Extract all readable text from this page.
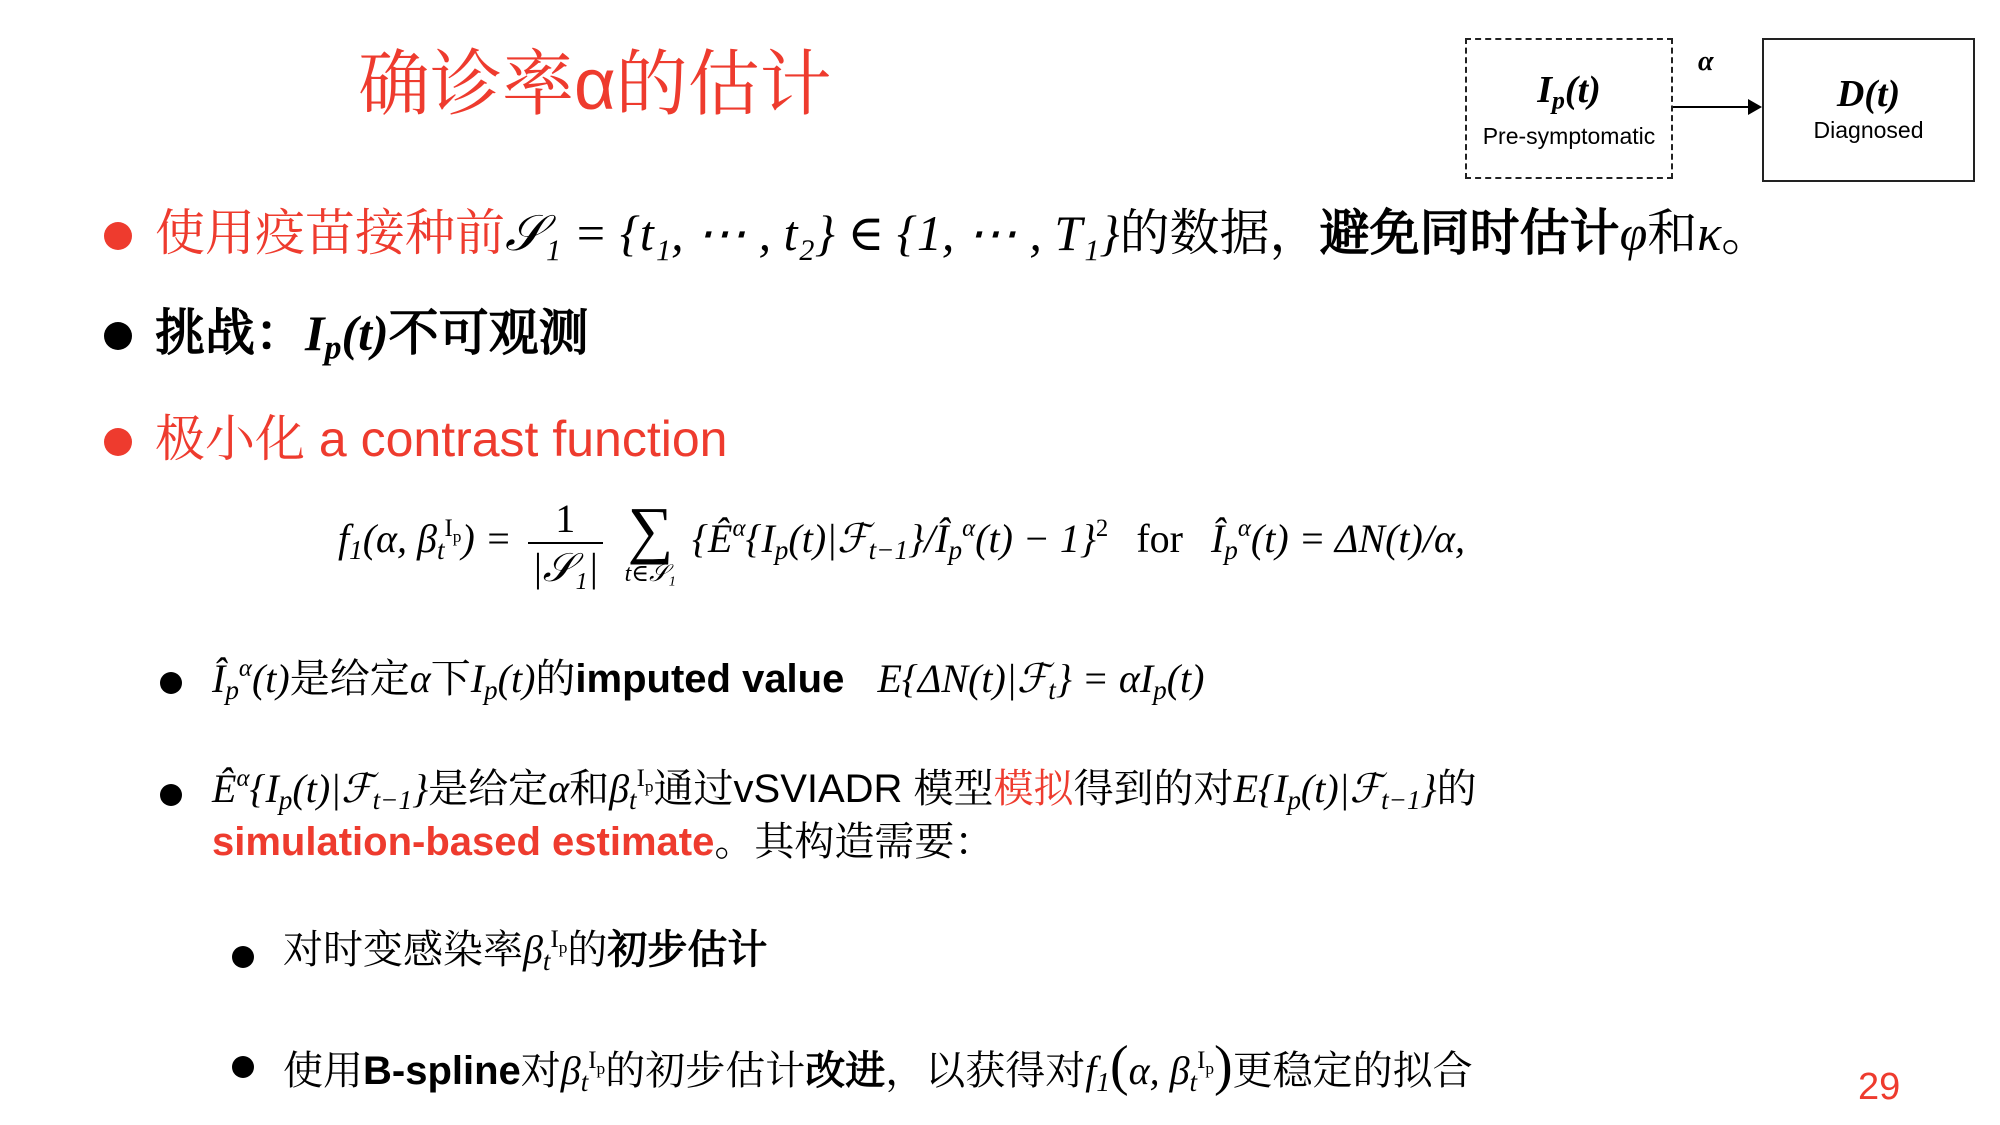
确诊率α的估计	$I_p(t)$
Pre-symptomatic
α
D(t)
Diagnosed
使用疫苗接种前𝒮₁ = {t₁, ⋯ , t₂} ∈ {1, ⋯ , T₁}的数据，避免同时估计φ和κ。
挑战：$I_p(t)$不可观测
极小化 a contrast function
$f_1(\alpha$, $\beta_t^{I_p}) = \frac{1}{\text{|𝒮₁|}}$
∑
t∈𝒮₁
$\{Ê^\alpha\{I_p(t)|ℱ_{t-1}\}/Î_p^\alpha(t) - 1\}^2$ for $Î_p^\alpha(t) = \Delta N(t)/\alpha$,
$Î_p^\alpha(t)$是给定α下$I_p(t)$的imputed value E{ΔN(t)|ℱ$_t$} = $\alpha I_p(t)$
$Ê^\alpha\{I_p(t)|ℱ_{t-1}\}$是给定α和$\beta_t^{I_p}$通过vSVIADR 模型模拟得到的对$E\{I_p(t)|ℱ_{t-1}\}$的
simulation-based estimate。其构造需要：
对时变感染率$\beta_t^{I_p}$的初步估计
使用B-spline对$\beta_t^{I_p}$的初步估计改进，以获得对$f_1(\alpha$, $\beta_t^{I_p}$)更稳定的拟合	29
